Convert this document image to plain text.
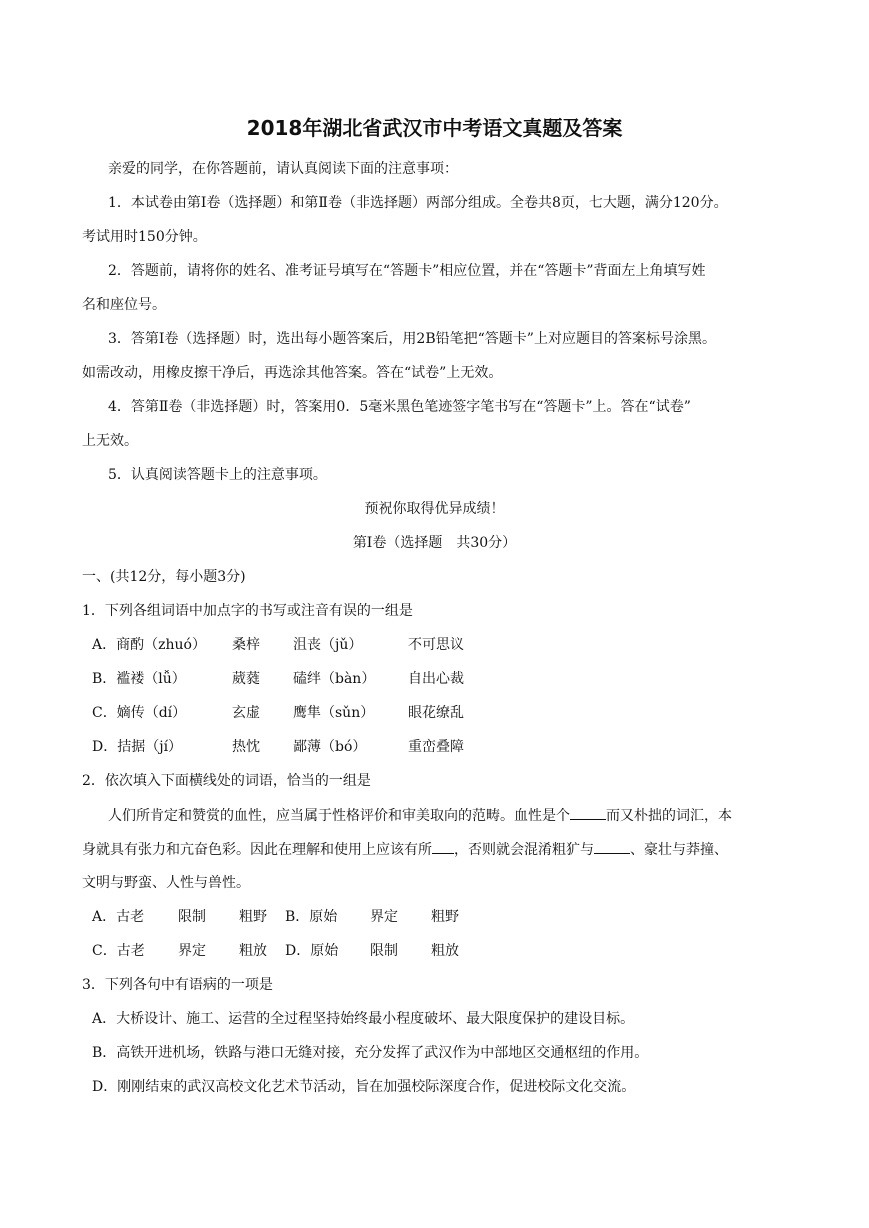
2018年湖北省武汉市中考语文真题及答案
亲爱的同学，在你答题前，请认真阅读下面的注意事项：
1．本试卷由第Ⅰ卷（选择题）和第Ⅱ卷（非选择题）两部分组成。全卷共8页，七大题，满分120分。
考试用时150分钟。
2．答题前，请将你的姓名、准考证号填写在“答题卡”相应位置，并在“答题卡”背面左上角填写姓
名和座位号。
3．答第Ⅰ卷（选择题）时，选出每小题答案后，用2B铅笔把“答题卡”上对应题目的答案标号涂黑。
如需改动，用橡皮擦干净后，再选涂其他答案。答在“试卷”上无效。
4．答第Ⅱ卷（非选择题）时，答案用0．5毫米黑色笔迹签字笔书写在“答题卡”上。答在“试卷”
上无效。
5．认真阅读答题卡上的注意事项。
预祝你取得优异成绩！
第Ⅰ卷（选择题　共30分）
一、(共12分，每小题3分)
1．下列各组词语中加点字的书写或注音有误的一组是
A．商酌（zhuó） 桑梓 沮丧（jǔ）	不可思议
B．褴褛（lǚ）	葳蕤 磕绊（bàn） 自出心裁
C．嫡传（dí）	玄虚 鹰隼（sǔn） 眼花缭乱
D．拮据（jí）	热忱 鄙薄（bó）	重峦叠障
2．依次填入下面横线处的词语，恰当的一组是
人们所肯定和赞赏的血性，应当属于性格评价和审美取向的范畴。血性是个	而又朴拙的词汇，本
身就具有张力和亢奋色彩。因此在理解和使用上应该有所 ，否则就会混淆粗犷与	、豪壮与莽撞、
文明与野蛮、人性与兽性。
A．古老 限制 粗野 B．原始 界定 粗野
C．古老 界定 粗放 D．原始 限制 粗放
3．下列各句中有语病的一项是
A．大桥设计、施工、运营的全过程坚持始终最小程度破坏、最大限度保护的建设目标。
B．高铁开进机场，铁路与港口无缝对接，充分发挥了武汉作为中部地区交通枢纽的作用。
D．刚刚结束的武汉高校文化艺术节活动，旨在加强校际深度合作，促进校际文化交流。
